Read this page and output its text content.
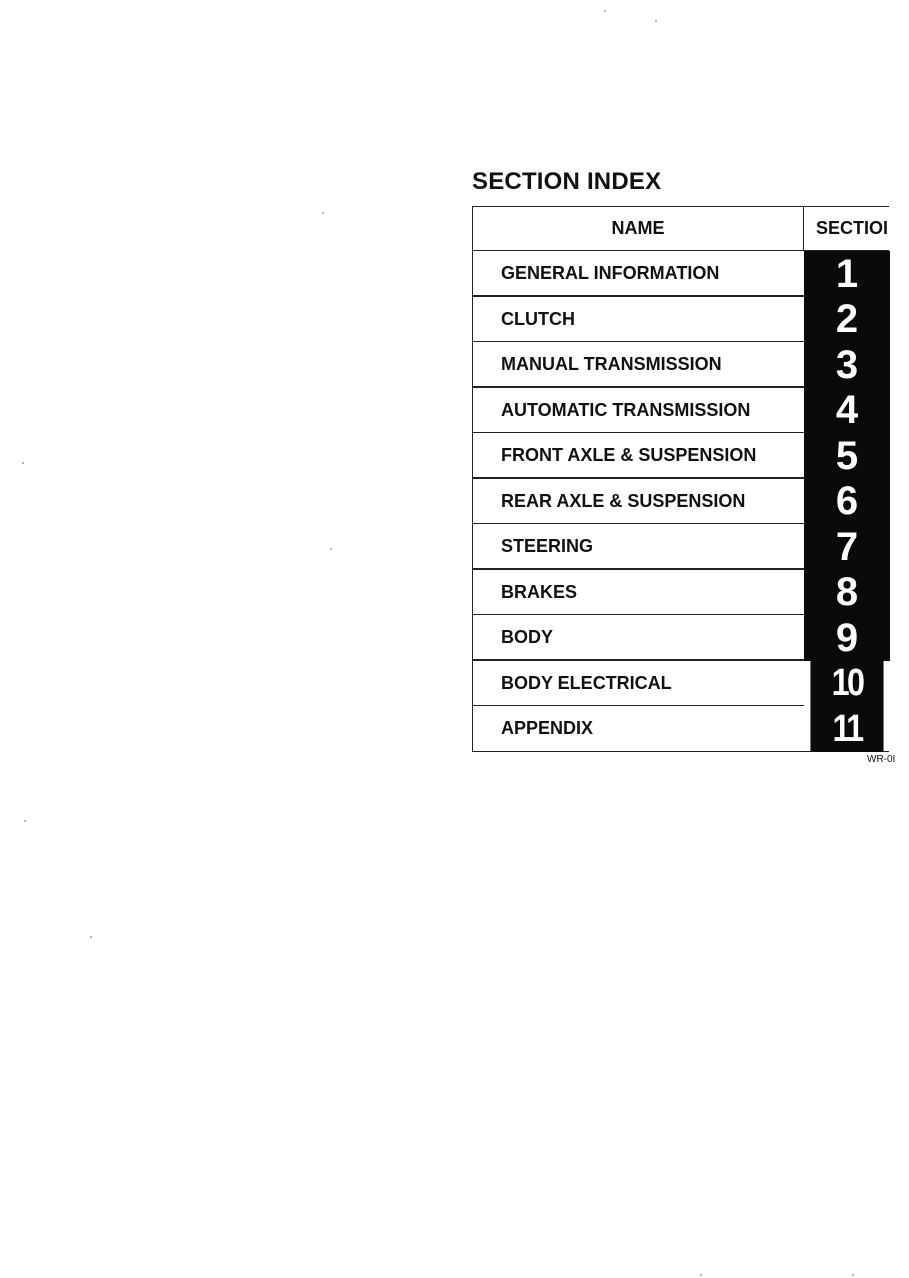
SECTION INDEX
NAME	SECTIOI
GENERAL INFORMATION	1
CLUTCH	2
MANUAL TRANSMISSION	3
AUTOMATIC TRANSMISSION	4
FRONT AXLE & SUSPENSION	5
REAR AXLE & SUSPENSION	6
STEERING	7
BRAKES	8
BODY	9
BODY ELECTRICAL	10
APPENDIX	11
WR-0I
